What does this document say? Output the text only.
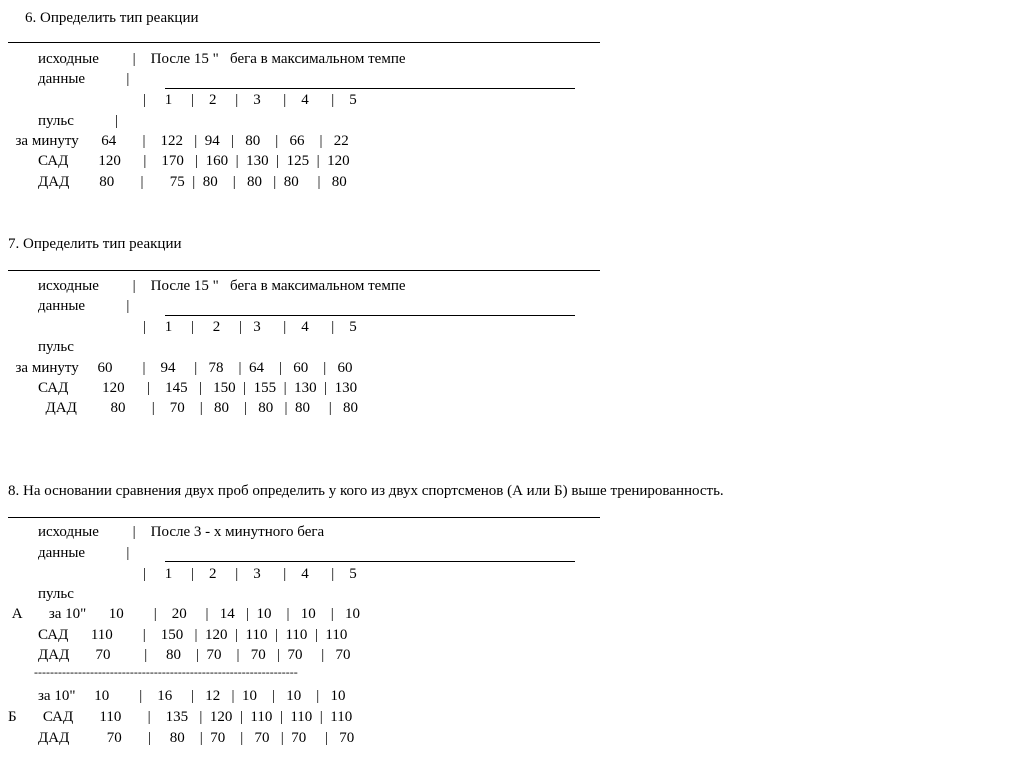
6. Определить тип реакции
исходные         |    После 15 "   бега в максимальном темпе
данные           |
|     1     |    2     |    3      |    4      |    5
пульс           |
за минуту      64       |    122   |  94   |   80    |   66    |   22
САД        120      |    170   |  160  |  130  |  125  |  120
ДАД        80       |       75  |  80    |   80   |  80     |   80
7. Определить тип реакции
исходные         |    После 15 "   бега в максимальном темпе
данные           |
|     1     |     2     |   3      |    4      |    5
пульс
за минуту     60        |    94     |   78    |  64    |   60    |   60
САД         120      |    145   |   150  |  155  |  130  |  130
ДАД         80       |    70    |   80    |   80   |  80     |   80
8. На основании сравнения двух проб определить у кого из двух спортсменов (А или Б) выше тренированность.
исходные         |    После 3 - х минутного бега
данные           |
|     1     |    2     |    3      |    4      |    5
пульс
А       за 10"      10        |    20     |   14   |  10    |   10    |   10
САД      110        |    150   |  120  |  110  |  110  |  110
ДАД       70         |     80    |  70    |   70   |  70     |   70
------------------------------------------------------------------
за 10"     10        |    16     |   12   |  10    |   10    |   10
Б       САД       110       |    135   |  120  |  110  |  110  |  110
ДАД          70       |     80    |  70    |   70   |  70     |   70
